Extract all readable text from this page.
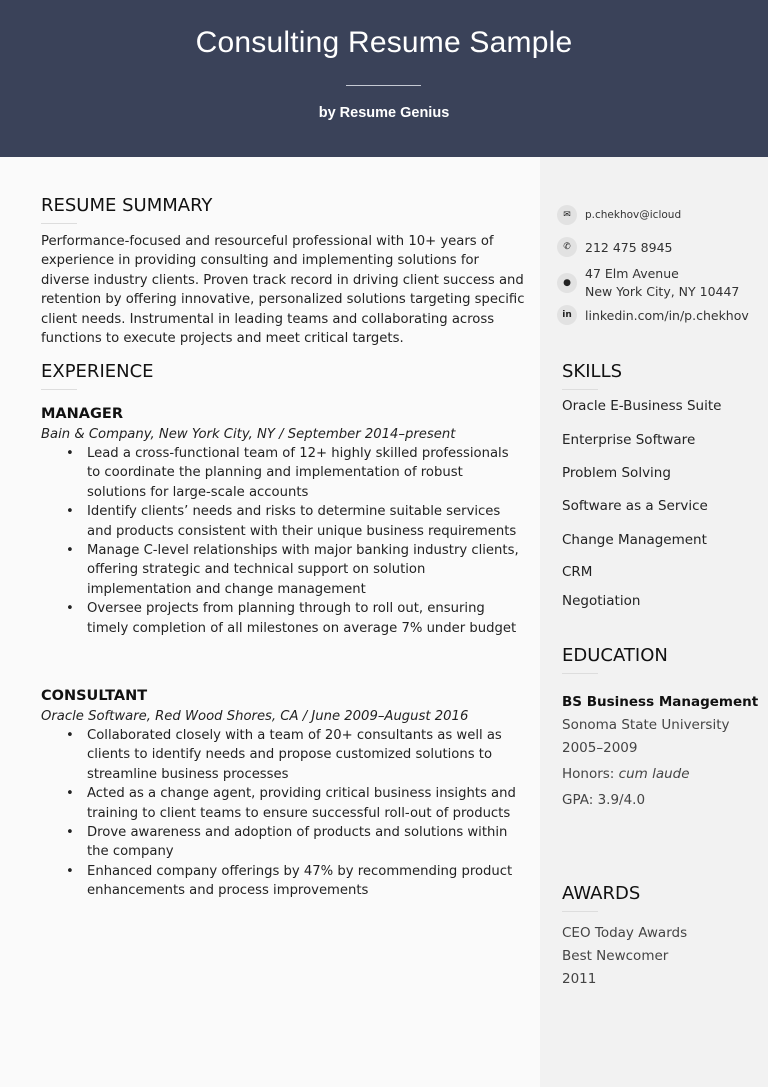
Consulting Resume Sample
by Resume Genius
RESUME SUMMARY
Performance-focused and resourceful professional with 10+ years of experience in providing consulting and implementing solutions for diverse industry clients. Proven track record in driving client success and retention by offering innovative, personalized solutions targeting specific client needs. Instrumental in leading teams and collaborating across functions to execute projects and meet critical targets.
EXPERIENCE
MANAGER
Bain & Company, New York City, NY / September 2014–present
• Lead a cross-functional team of 12+ highly skilled professionals to coordinate the planning and implementation of robust solutions for large-scale accounts
• Identify clients’ needs and risks to determine suitable services and products consistent with their unique business requirements
• Manage C-level relationships with major banking industry clients, offering strategic and technical support on solution implementation and change management
• Oversee projects from planning through to roll out, ensuring timely completion of all milestones on average 7% under budget
CONSULTANT
Oracle Software, Red Wood Shores, CA / June 2009–August 2016
• Collaborated closely with a team of 20+ consultants as well as clients to identify needs and propose customized solutions to streamline business processes
• Acted as a change agent, providing critical business insights and training to client teams to ensure successful roll-out of products
• Drove awareness and adoption of products and solutions within the company
• Enhanced company offerings by 47% by recommending product enhancements and process improvements
✉	p.chekhov@icloud
✆	212 475 8945
●
47 Elm Avenue
New York City, NY 10447
in	linkedin.com/in/p.chekhov
SKILLS
Oracle E-Business Suite
Enterprise Software
Problem Solving
Software as a Service
Change Management
CRM
Negotiation
EDUCATION
BS Business Management
Sonoma State University
2005–2009
Honors: cum laude
GPA: 3.9/4.0
AWARDS
CEO Today Awards
Best Newcomer
2011
